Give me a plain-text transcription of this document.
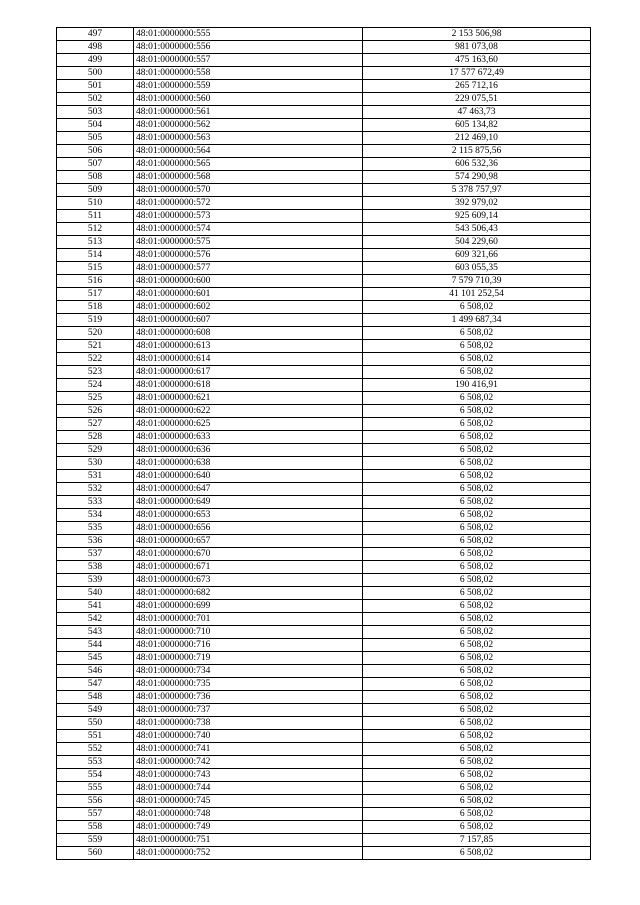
497	48:01:0000000:555	2 153 506,98
498	48:01:0000000:556	981 073,08
499	48:01:0000000:557	475 163,60
500	48:01:0000000:558	17 577 672,49
501	48:01:0000000:559	265 712,16
502	48:01:0000000:560	229 075,51
503	48:01:0000000:561	47 463,73
504	48:01:0000000:562	605 134,82
505	48:01:0000000:563	212 469,10
506	48:01:0000000:564	2 115 875,56
507	48:01:0000000:565	606 532,36
508	48:01:0000000:568	574 290,98
509	48:01:0000000:570	5 378 757,97
510	48:01:0000000:572	392 979,02
511	48:01:0000000:573	925 609,14
512	48:01:0000000:574	543 506,43
513	48:01:0000000:575	504 229,60
514	48:01:0000000:576	609 321,66
515	48:01:0000000:577	603 055,35
516	48:01:0000000:600	7 579 710,39
517	48:01:0000000:601	41 101 252,54
518	48:01:0000000:602	6 508,02
519	48:01:0000000:607	1 499 687,34
520	48:01:0000000:608	6 508,02
521	48:01:0000000:613	6 508,02
522	48:01:0000000:614	6 508,02
523	48:01:0000000:617	6 508,02
524	48:01:0000000:618	190 416,91
525	48:01:0000000:621	6 508,02
526	48:01:0000000:622	6 508,02
527	48:01:0000000:625	6 508,02
528	48:01:0000000:633	6 508,02
529	48:01:0000000:636	6 508,02
530	48:01:0000000:638	6 508,02
531	48:01:0000000:640	6 508,02
532	48:01:0000000:647	6 508,02
533	48:01:0000000:649	6 508,02
534	48:01:0000000:653	6 508,02
535	48:01:0000000:656	6 508,02
536	48:01:0000000:657	6 508,02
537	48:01:0000000:670	6 508,02
538	48:01:0000000:671	6 508,02
539	48:01:0000000:673	6 508,02
540	48:01:0000000:682	6 508,02
541	48:01:0000000:699	6 508,02
542	48:01:0000000:701	6 508,02
543	48:01:0000000:710	6 508,02
544	48:01:0000000:716	6 508,02
545	48:01:0000000:719	6 508,02
546	48:01:0000000:734	6 508,02
547	48:01:0000000:735	6 508,02
548	48:01:0000000:736	6 508,02
549	48:01:0000000:737	6 508,02
550	48:01:0000000:738	6 508,02
551	48:01:0000000:740	6 508,02
552	48:01:0000000:741	6 508,02
553	48:01:0000000:742	6 508,02
554	48:01:0000000:743	6 508,02
555	48:01:0000000:744	6 508,02
556	48:01:0000000:745	6 508,02
557	48:01:0000000:748	6 508,02
558	48:01:0000000:749	6 508,02
559	48:01:0000000:751	7 157,85
560	48:01:0000000:752	6 508,02
